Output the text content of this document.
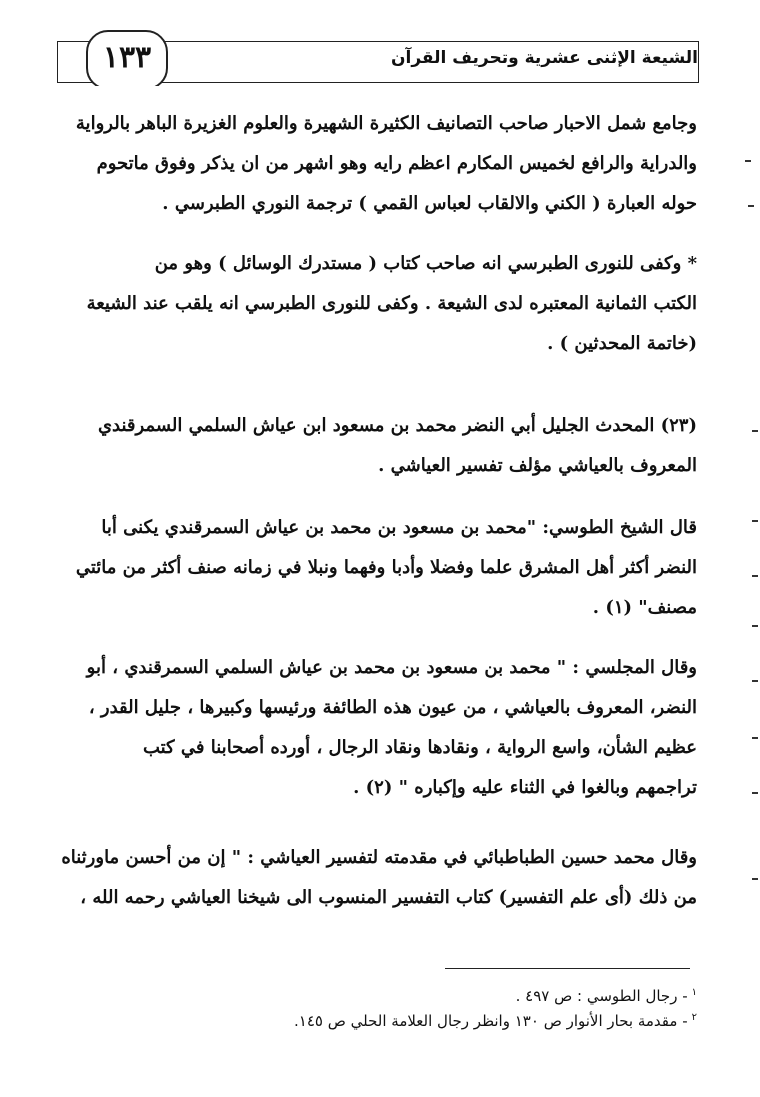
الشيعة الإثنى عشرية وتحريف القرآن
١٣٣
وجامع شمل الاحبار صاحب التصانيف الكثيرة الشهيرة والعلوم الغزيرة الباهر بالرواية
والدراية والرافع لخميس المكارم اعظم رايه وهو اشهر من ان يذكر وفوق ماتحوم
حوله العبارة ( الكني والالقاب لعباس القمي ) ترجمة النوري الطبرسي .
* وكفى للنورى الطبرسي انه صاحب كتاب ( مستدرك الوسائل ) وهو من
الكتب الثمانية المعتبره لدى الشيعة . وكفى للنورى الطبرسي انه يلقب عند الشيعة
(خاتمة المحدثين ) .
(٢٣) المحدث الجليل أبي النضر محمد بن مسعود ابن عياش السلمي السمرقندي
المعروف بالعياشي مؤلف تفسير العياشي .
قال الشيخ الطوسي: "محمد بن مسعود بن محمد بن عياش السمرقندي يكنى أبا
النضر أكثر أهل المشرق علما وفضلا وأدبا وفهما ونبلا في زمانه صنف أكثر من مائتي
مصنف" (١) .
وقال المجلسي : " محمد بن مسعود بن محمد بن عياش السلمي السمرقندي ، أبو
النضر، المعروف بالعياشي ، من عيون هذه الطائفة ورئيسها وكبيرها ، جليل القدر ،
عظيم الشأن، واسع الرواية ، ونقادها ونقاد الرجال ، أورده أصحابنا في كتب
تراجمهم وبالغوا في الثناء عليه وإكباره " (٢) .
وقال محمد حسين الطباطبائي في مقدمته لتفسير العياشي : " إن من أحسن ماورثناه
من ذلك (أى علم التفسير) كتاب التفسير المنسوب الى شيخنا العياشي رحمه الله ،
$^١$- رجال الطوسي : ص ٤٩٧ .
$^٢$- مقدمة بحار الأنوار ص ١٣٠ وانظر رجال العلامة الحلي ص ١٤٥.
